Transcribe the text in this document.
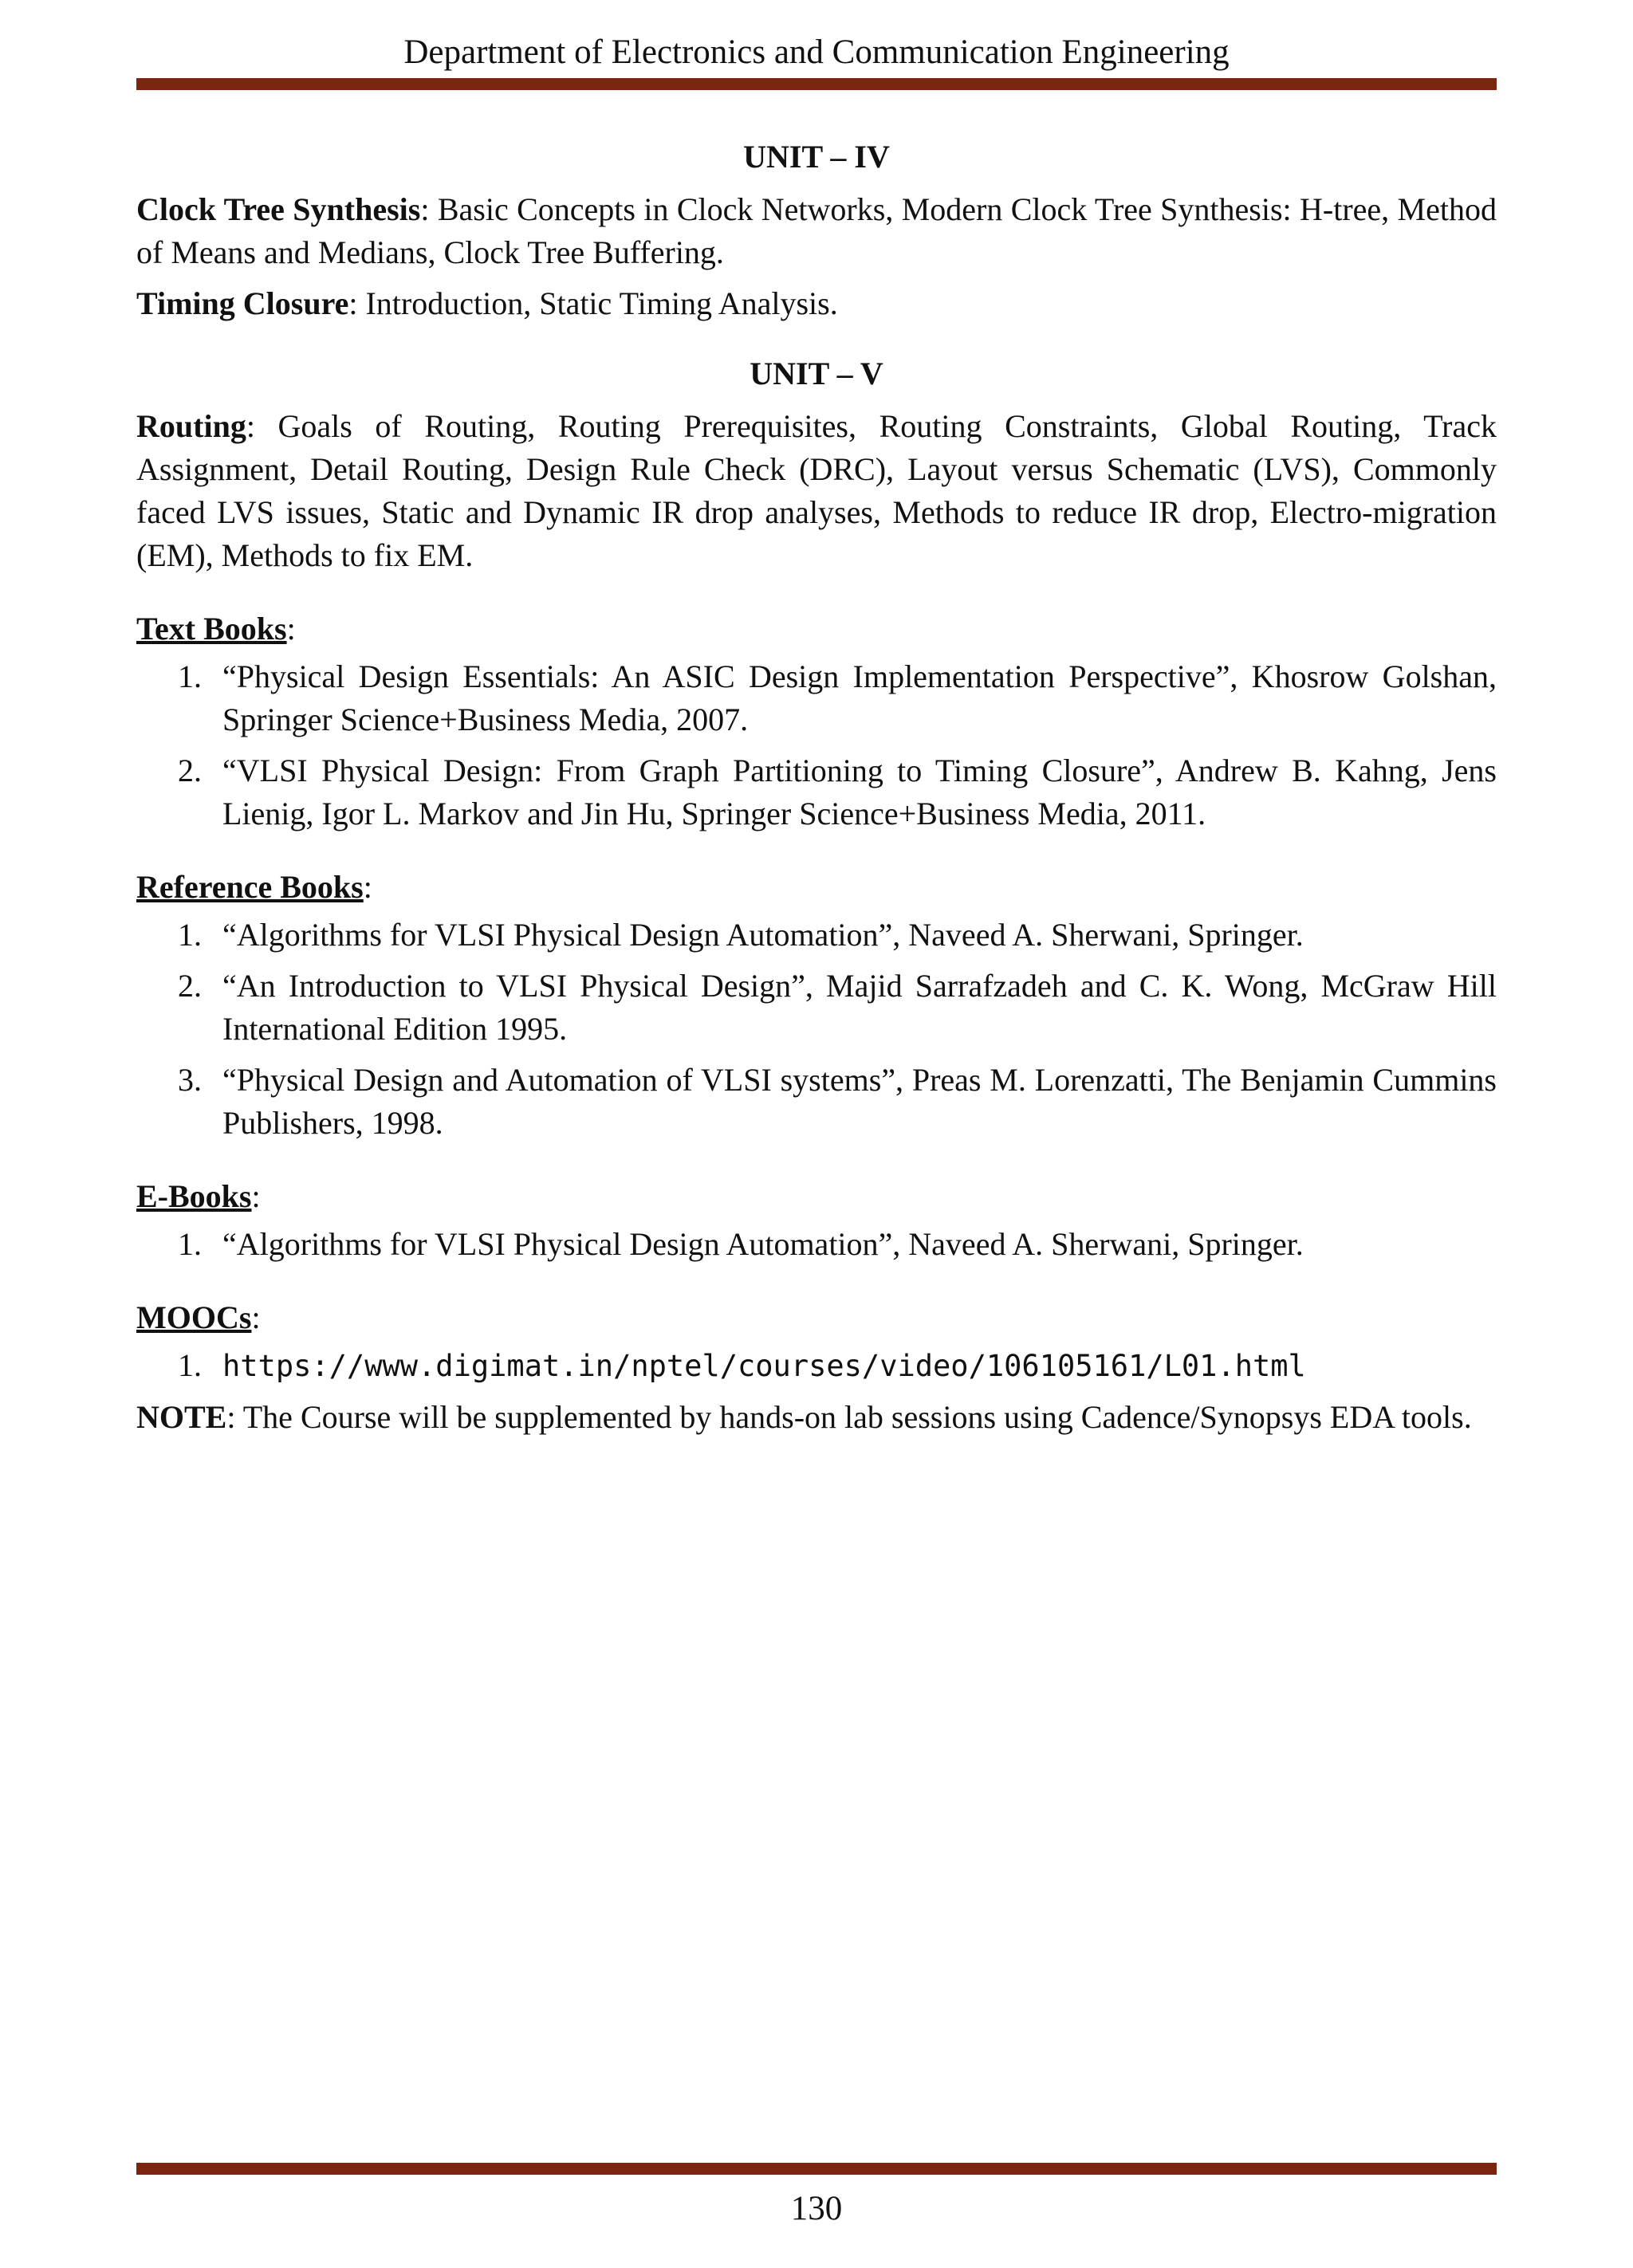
Department of Electronics and Communication Engineering

UNIT – IV

Clock Tree Synthesis: Basic Concepts in Clock Networks, Modern Clock Tree Synthesis: H-tree, Method of Means and Medians, Clock Tree Buffering.

Timing Closure: Introduction, Static Timing Analysis.

UNIT – V

Routing: Goals of Routing, Routing Prerequisites, Routing Constraints, Global Routing, Track Assignment, Detail Routing, Design Rule Check (DRC), Layout versus Schematic (LVS), Commonly faced LVS issues, Static and Dynamic IR drop analyses, Methods to reduce IR drop, Electro-migration (EM), Methods to fix EM.

Text Books:
1. “Physical Design Essentials: An ASIC Design Implementation Perspective”, Khosrow Golshan, Springer Science+Business Media, 2007.
2. “VLSI Physical Design: From Graph Partitioning to Timing Closure”, Andrew B. Kahng, Jens Lienig, Igor L. Markov and Jin Hu, Springer Science+Business Media, 2011.
Reference Books:
1. “Algorithms for VLSI Physical Design Automation”, Naveed A. Sherwani, Springer.
2. “An Introduction to VLSI Physical Design”, Majid Sarrafzadeh and C. K. Wong, McGraw Hill International Edition 1995.
3. “Physical Design and Automation of VLSI systems”, Preas M. Lorenzatti, The Benjamin Cummins Publishers, 1998.
E-Books:
1. “Algorithms for VLSI Physical Design Automation”, Naveed A. Sherwani, Springer.
MOOCs:
1. https://www.digimat.in/nptel/courses/video/106105161/L01.html

NOTE: The Course will be supplemented by hands-on lab sessions using Cadence/Synopsys EDA tools.

130
